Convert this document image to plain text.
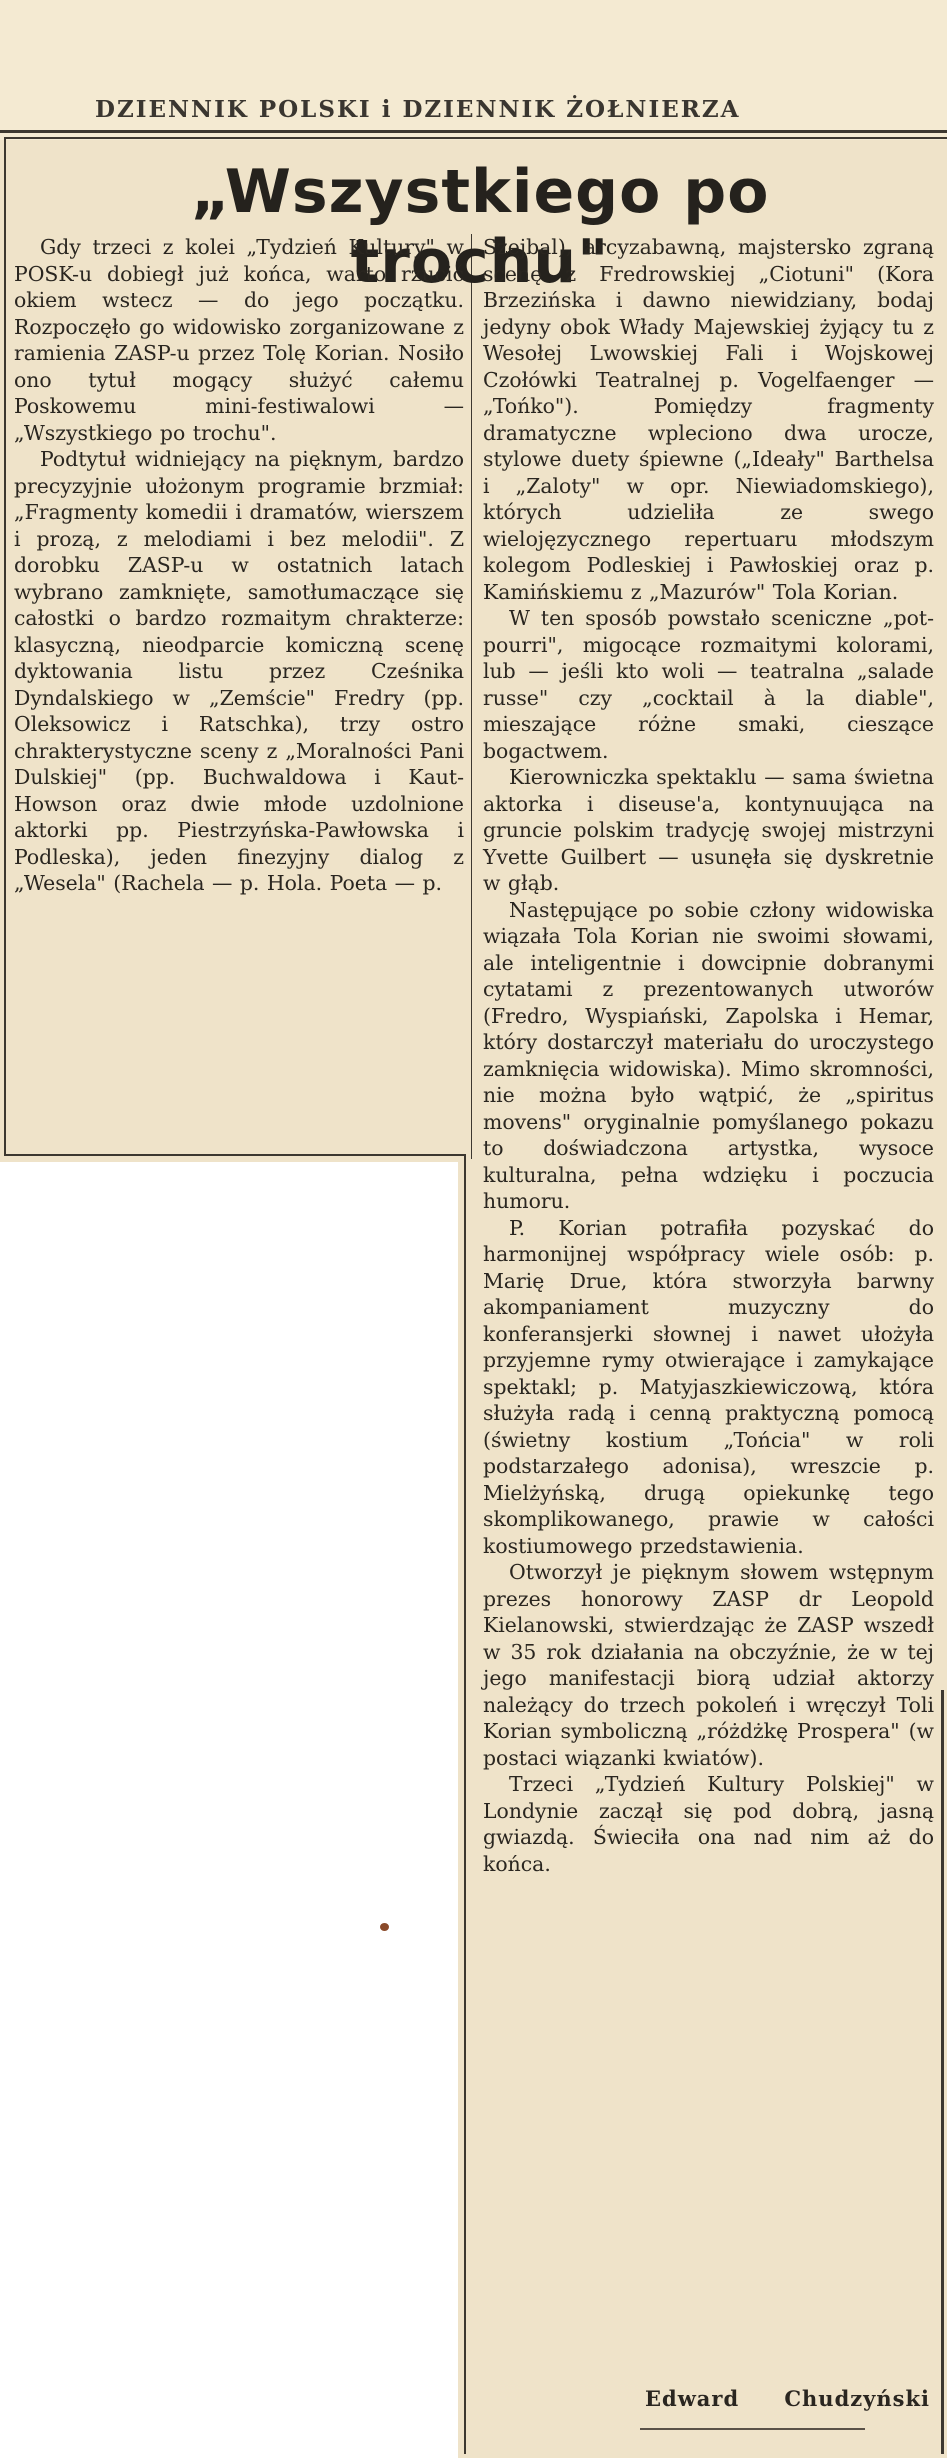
DZIENNIK POLSKI i DZIENNIK ŻOŁNIERZA
„Wszystkiego po trochu"

Gdy trzeci z kolei „Tydzień Kultury" w POSK-u dobiegł już końca, warto rzucić okiem wstecz — do jego początku. Rozpoczęło go widowisko zorganizowane z ramienia ZASP-u przez Tolę Korian. Nosiło ono tytuł mogący służyć całemu Poskowemu mini-festiwalowi — „Wszystkiego po trochu".

Podtytuł widniejący na pięknym, bardzo precyzyjnie ułożonym programie brzmiał: „Fragmenty komedii i dramatów, wierszem i prozą, z melodiami i bez melodii". Z dorobku ZASP-u w ostatnich latach wybrano zamknięte, samotłumaczące się całostki o bardzo rozmaitym chrakterze: klasyczną, nieodparcie komiczną scenę dyktowania listu przez Cześnika Dyndalskiego w „Zemście" Fredry (pp. Oleksowicz i Ratschka), trzy ostro chrakterystyczne sceny z „Moralności Pani Dulskiej" (pp. Buchwaldowa i Kaut-Howson oraz dwie młode uzdolnione aktorki pp. Piestrzyńska-Pawłowska i Podleska), jeden finezyjny dialog z „Wesela" (Rachela — p. Hola. Poeta — p.

Szejbal), arcyzabawną, majstersko zgraną scenę z Fredrowskiej „Ciotuni" (Kora Brzezińska i dawno niewidziany, bodaj jedyny obok Władу Majewskiej żyjący tu z Wesołej Lwowskiej Fali i Wojskowej Czołówki Teatralnej p. Vogelfaenger — „Tońko"). Pomiędzy fragmenty dramatyczne wpleciono dwa urocze, stylowe duety śpiewne („Ideały" Barthelsa i „Zaloty" w opr. Niewiadomskiego), których udzieliła ze swego wielojęzycznego repertuaru młodszym kolegom Podleskiej i Pawłoskiej oraz p. Kamińskiemu z „Mazurów" Tola Korian.

W ten sposób powstało sceniczne „pot-pourri", migocące rozmaitymi kolorami, lub — jeśli kto woli — teatralna „salade russe" czy „cocktail à la diable", mieszające różne smaki, cieszące bogactwem.

Kierowniczka spektaklu — sama świetna aktorka i diseuse'a, kontynuująca na gruncie polskim tradycję swojej mistrzyni Yvette Guilbert — usunęła się dyskretnie w głąb.

Następujące po sobie człony widowiska wiązała Tola Korian nie swoimi słowami, ale inteligentnie i dowcipnie dobranymi cytatami z prezentowanych utworów (Fredro, Wyspiański, Zapolska i Hemar, który dostarczył materiału do uroczystego zamknięcia widowiska). Mimo skromności, nie można było wątpić, że „spiritus movens" oryginalnie pomyślanego pokazu to doświadczona artystka, wysoce kulturalna, pełna wdzięku i poczucia humoru.

P. Korian potrafiła pozyskać do harmonijnej współpracy wiele osób: p. Marię Drue, która stworzyła barwny akompaniament muzyczny do konferansjerki słownej i nawet ułożyła przyjemne rymy otwierające i zamykające spektakl; p. Matyjaszkiewiczową, która służyła radą i cenną praktyczną pomocą (świetny kostium „Tońcia" w roli podstarzałego adonisa), wreszcie p. Mielżyńską, drugą opiekunkę tego skomplikowanego, prawie w całości kostiumowego przedstawienia.

Otworzył je pięknym słowem wstępnym prezes honorowy ZASP dr Leopold Kielanowski, stwierdzając że ZASP wszedł w 35 rok działania na obczyźnie, że w tej jego manifestacji biorą udział aktorzy należący do trzech pokoleń i wręczył Toli Korian symboliczną „różdżkę Prospera" (w postaci wiązanki kwiatów).

Trzeci „Tydzień Kultury Polskiej" w Londynie zaczął się pod dobrą, jasną gwiazdą. Świeciła ona nad nim aż do końca.

Edward Chudzyński
